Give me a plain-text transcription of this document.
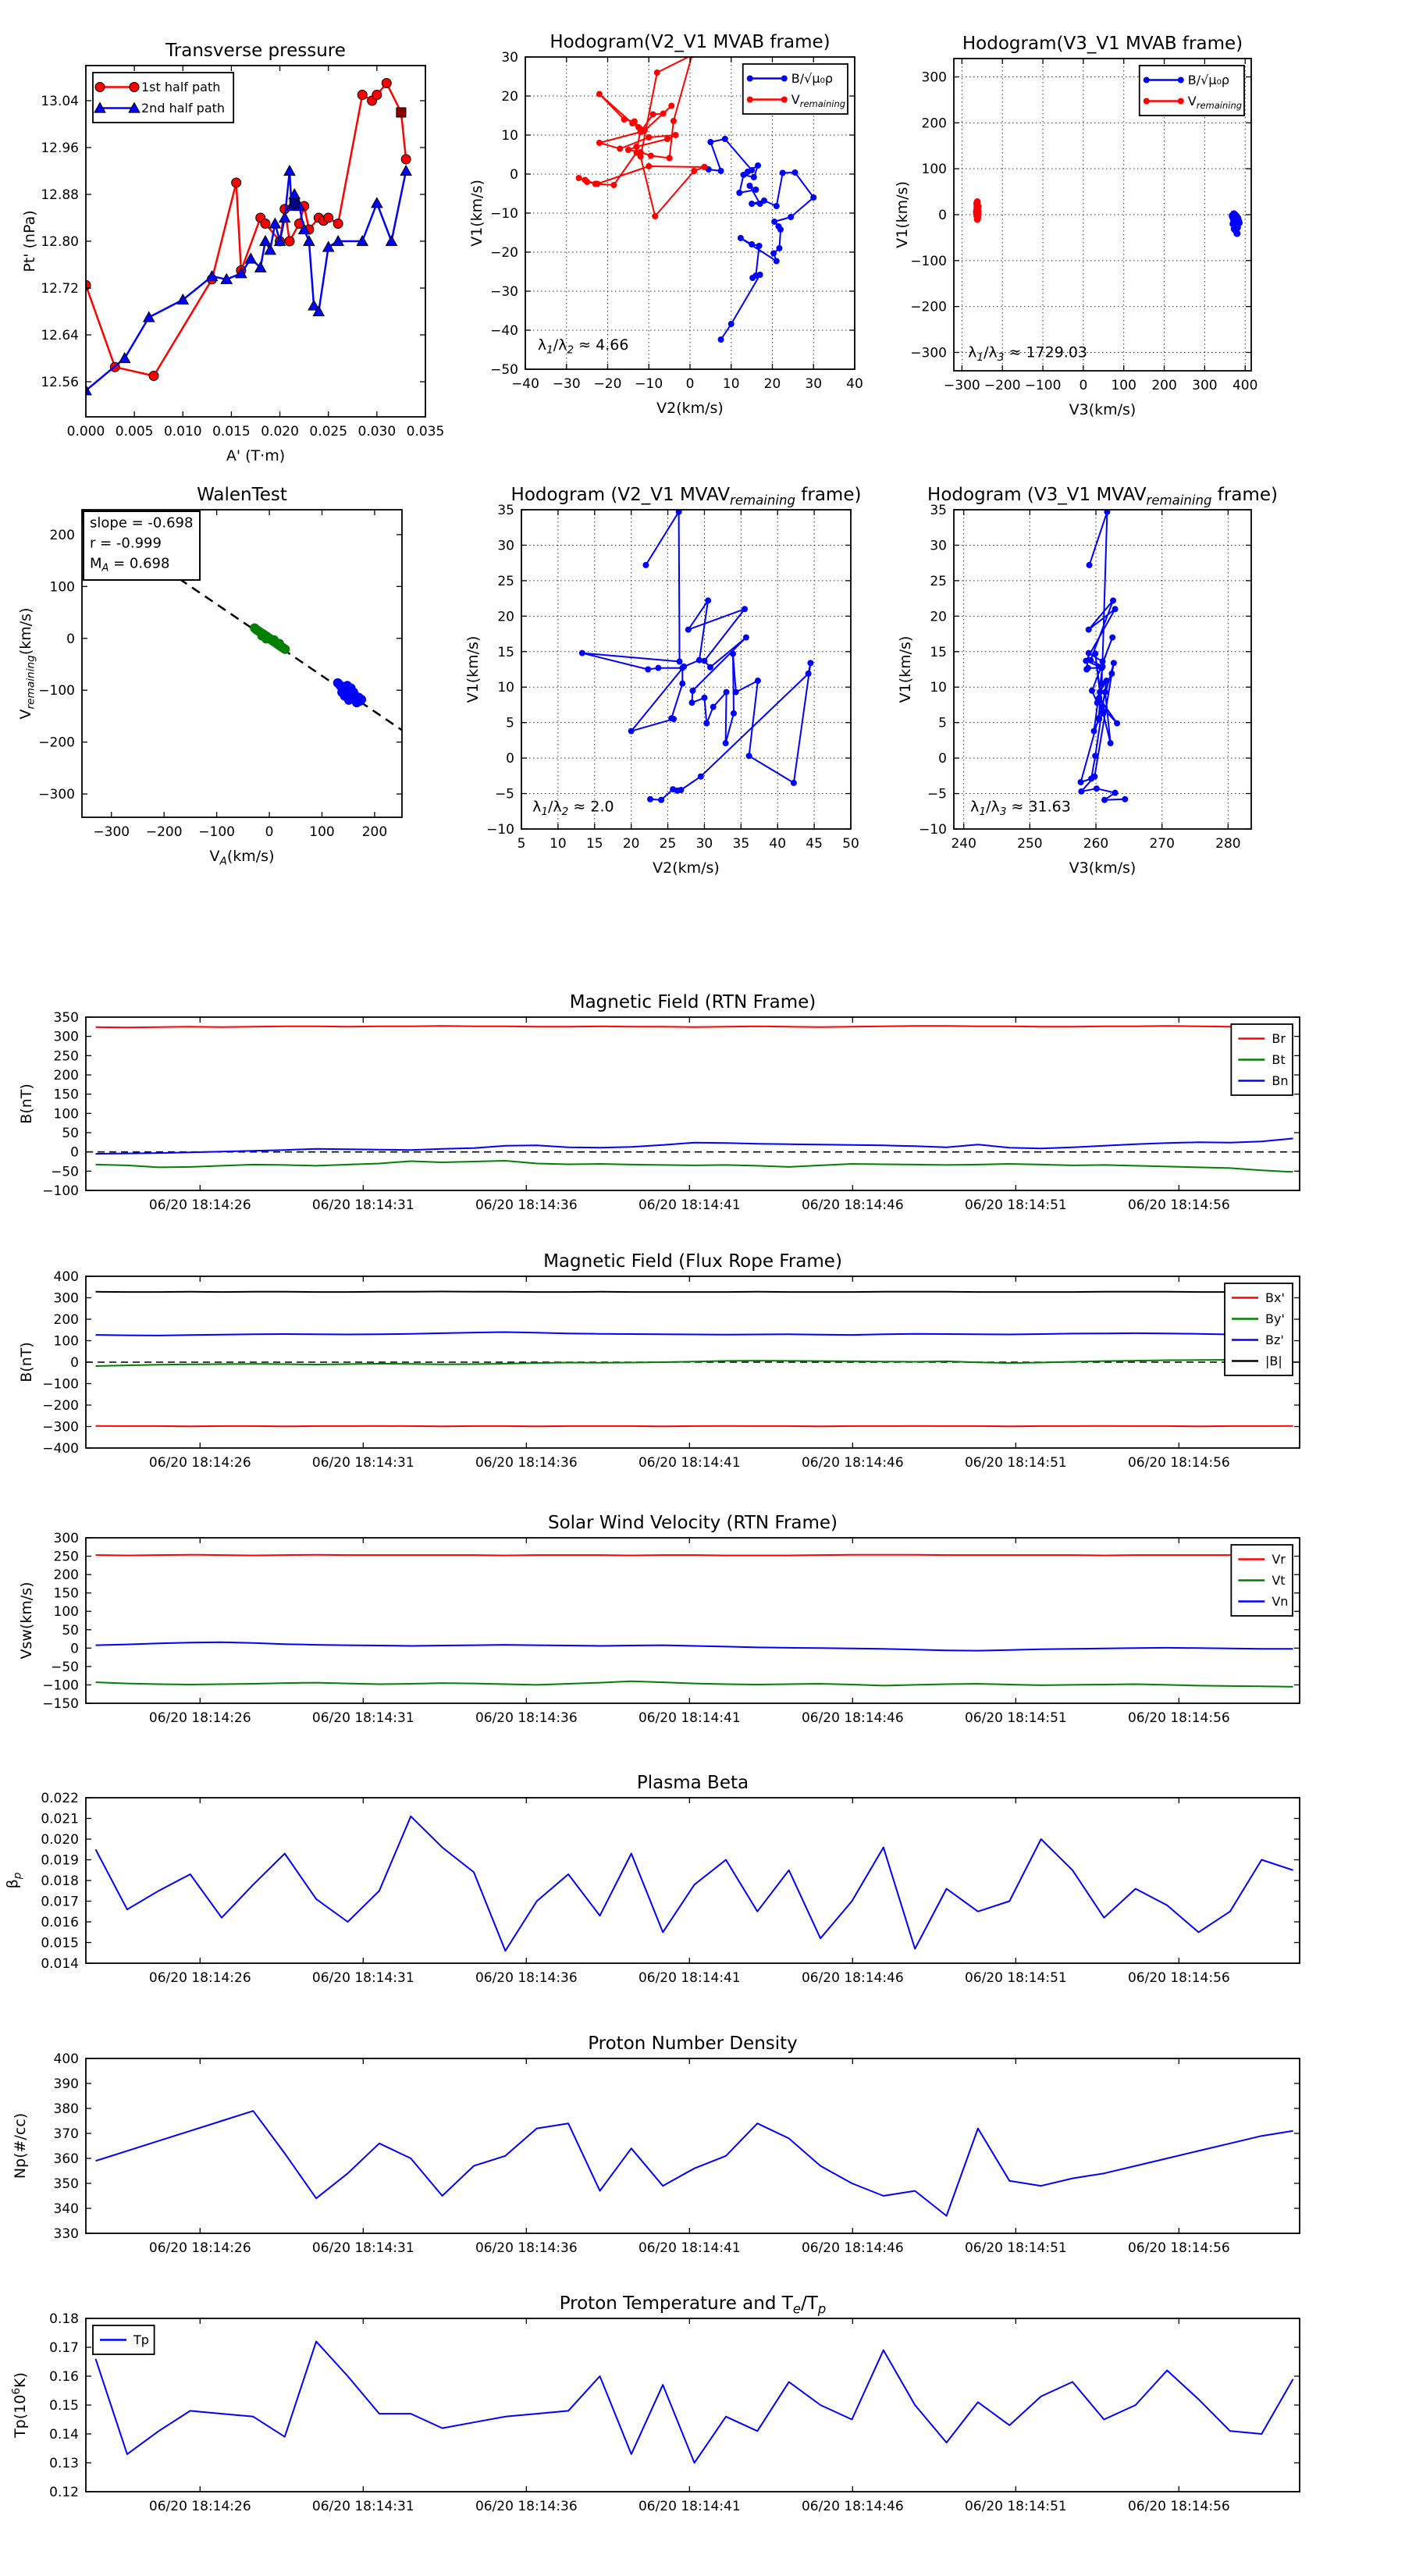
0.000 0.005 0.010 0.015 0.020 0.025 0.030 0.035
12.56
12.64
12.72
12.80
12.88
12.96
13.04
Transverse pressure
A' (T·m)
Pt' (nPa)
1st half path
2nd half path
−40 −30 −20 −10 0 10 20 30 40
−50
−40
−30
−20
−10
0
10
20
30
Hodogram(V2_V1 MVAB frame)
V2(km/s)
V1(km/s)
$\lambda_1/\lambda_2 \approx 4.66$
B/√μ₀ρ
$V_{remaining}$
−300 −200 −100 0 100 200 300 400
−300
−200
−100
0
100
200
300
Hodogram(V3_V1 MVAB frame)
V3(km/s)
V1(km/s)
$\lambda_1/\lambda_3 \approx 1729.03$
B/√μ₀ρ
$V_{remaining}$
−300 −200 −100 0	100 200
−300
−200
−100
0
100
200
WalenTest
$V_A(km/s)$
$V_{remaining}(km/s)$
slope = -0.698
r = -0.999
$M_A = 0.698$
5 10 15 20 25 30 35 40 45 50
−10
−5
0
5
10
15
20
25
30
35
Hodogram (V2_V1 $MVAV_{remaining}$ frame)
V2(km/s)
V1(km/s)
$\lambda_1/\lambda_2 \approx 2.0$
240	250	260	270	280
−10
−5
0
5
10
15
20
25
30
35
Hodogram (V3_V1 $MVAV_{remaining}$ frame)
V3(km/s)
V1(km/s)
$\lambda_1/\lambda_3 \approx 31.63$
06/20 18:14:26	06/20 18:14:31	06/20 18:14:36	06/20 18:14:41	06/20 18:14:46	06/20 18:14:51	06/20 18:14:56
−100
−50
0
50
100
150
200
250
300
350
Magnetic Field (RTN Frame)
B(nT)
Br
Bt
Bn
06/20 18:14:26	06/20 18:14:31	06/20 18:14:36	06/20 18:14:41	06/20 18:14:46	06/20 18:14:51	06/20 18:14:56
−400
−300
−200
−100
0
100
200
300
400
Magnetic Field (Flux Rope Frame)
B(nT)
Bx'
By'
Bz'
|B|
06/20 18:14:26	06/20 18:14:31	06/20 18:14:36	06/20 18:14:41	06/20 18:14:46	06/20 18:14:51	06/20 18:14:56
−150
−100
−50
0
50
100
150
200
250
300
Solar Wind Velocity (RTN Frame)
Vsw(km/s)
Vr
Vt
Vn
06/20 18:14:26	06/20 18:14:31	06/20 18:14:36	06/20 18:14:41	06/20 18:14:46	06/20 18:14:51	06/20 18:14:56
0.014
0.015
0.016
0.017
0.018
0.019
0.020
0.021
0.022
Plasma Beta
$\beta_p$
06/20 18:14:26	06/20 18:14:31	06/20 18:14:36	06/20 18:14:41	06/20 18:14:46	06/20 18:14:51	06/20 18:14:56
330
340
350
360
370
380
390
400
Proton Number Density
Np(#/cc)
06/20 18:14:26	06/20 18:14:31	06/20 18:14:36	06/20 18:14:41	06/20 18:14:46	06/20 18:14:51	06/20 18:14:56
0.12
0.13
0.14
0.15
0.16
0.17
0.18
Proton Temperature and $T_e/T_p$
$Tp(10^6K)$
Tp
